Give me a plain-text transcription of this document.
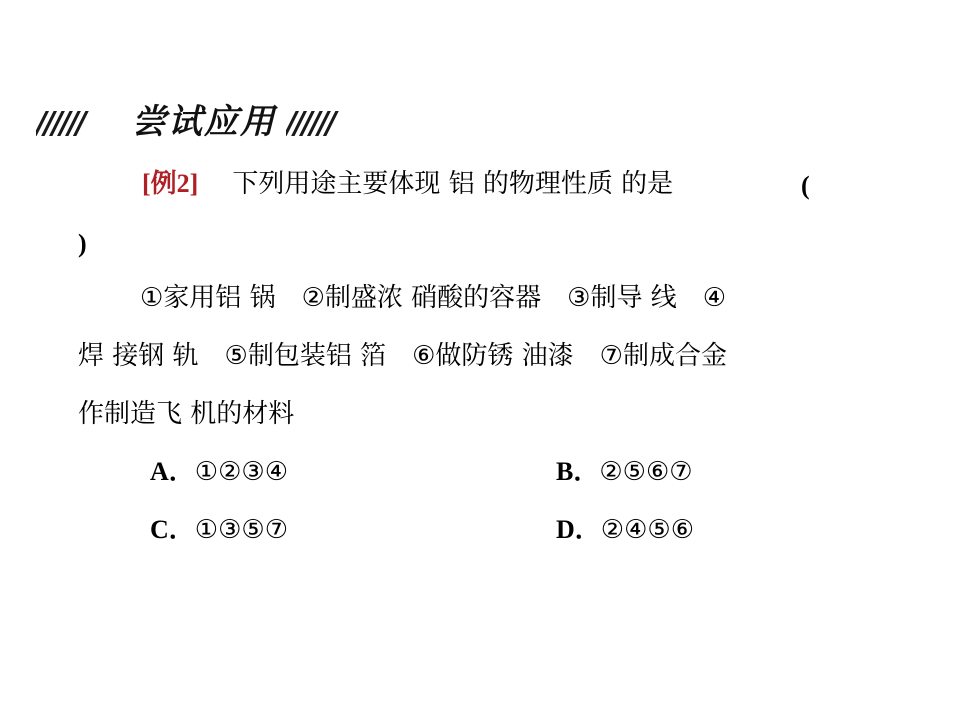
//////	尝试应用 //////

[例2] 下列用途主要体现 铝 的物理性质 的是	(
)

①家用铝 锅　②制盛浓 硝酸的容器　③制导 线　④

焊 接钢 轨　⑤制包装铝 箔　⑥做防锈 油漆　⑦制成合金

作制造飞 机的材料

A．①②③④	B．②⑤⑥⑦
C．①③⑤⑦	D．②④⑤⑥
